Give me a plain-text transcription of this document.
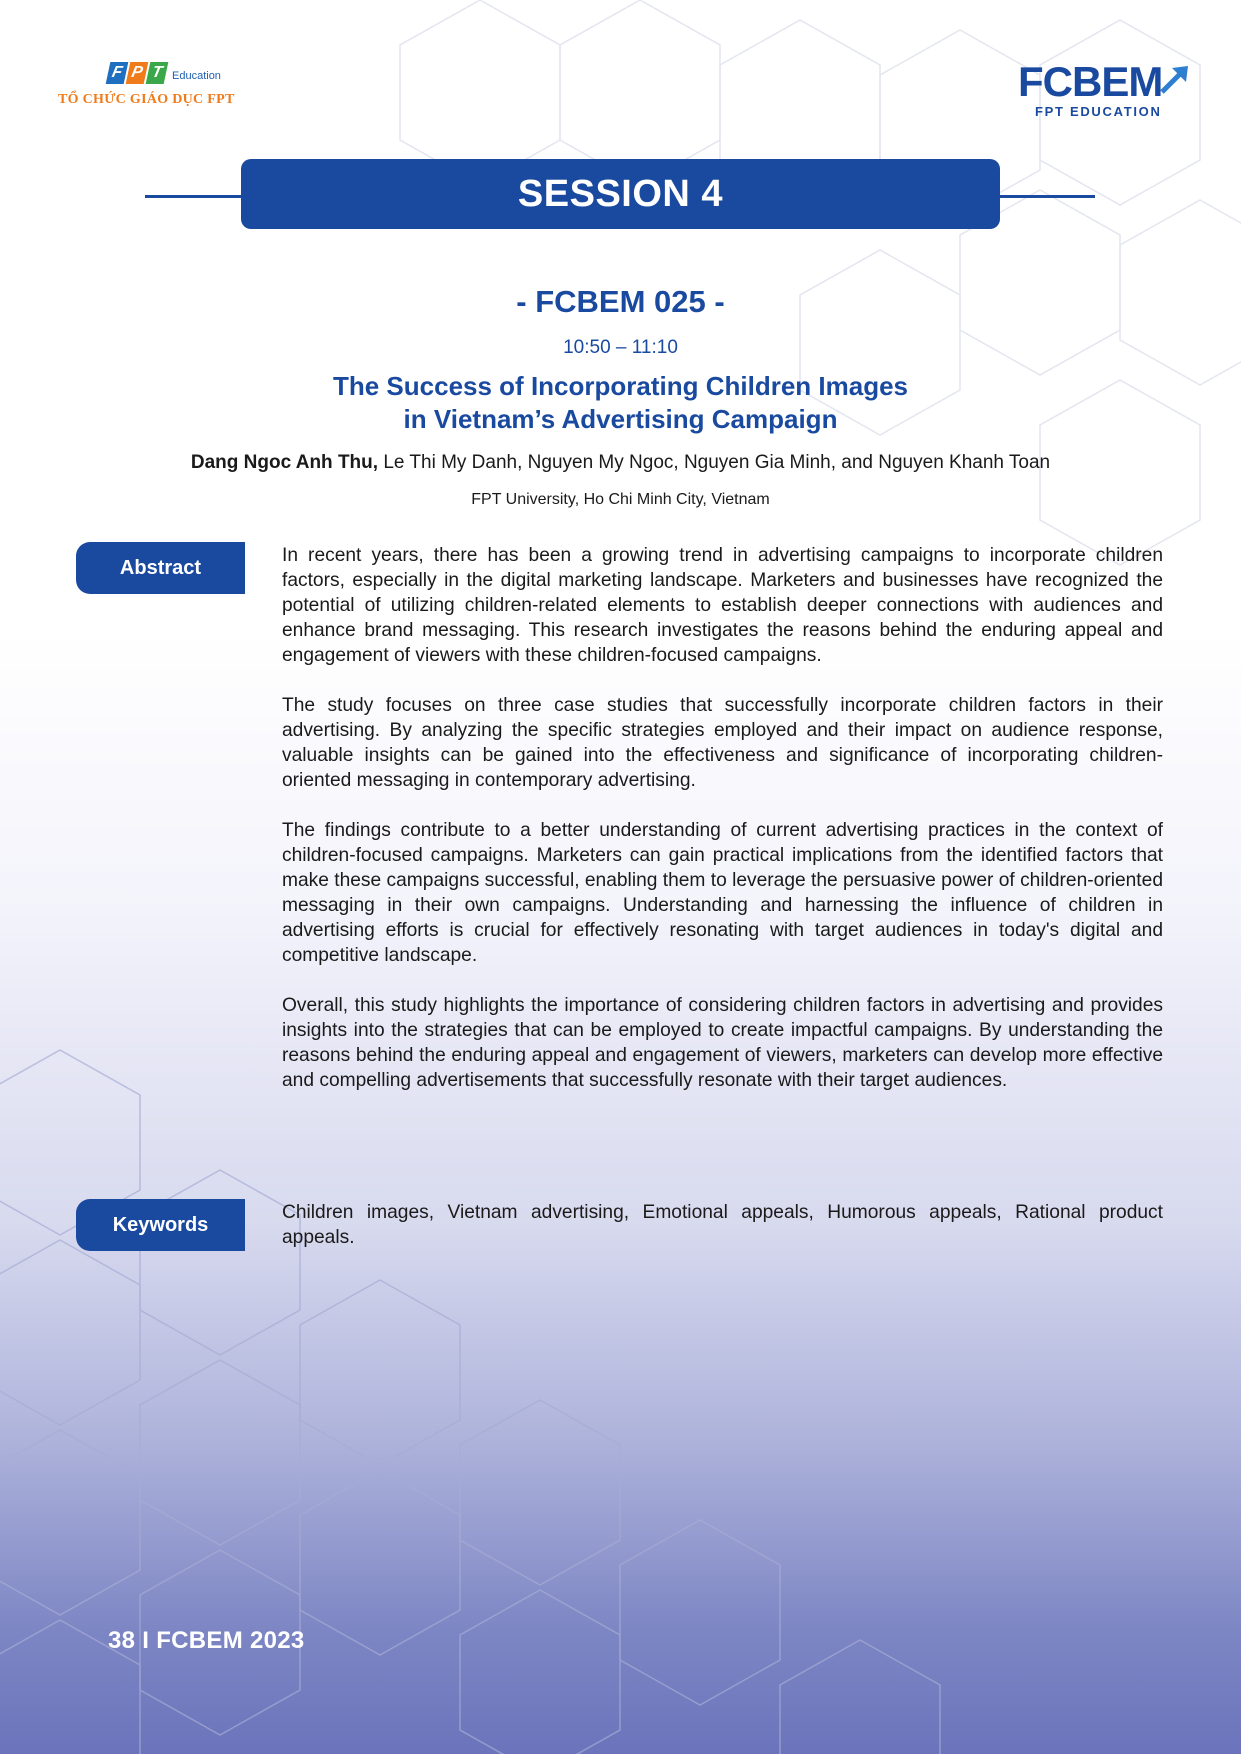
F P T Education
TỔ CHỨC GIÁO DỤC FPT	FCBEM
FPT EDUCATION
SESSION 4
- FCBEM 025 -
10:50 – 11:10
The Success of Incorporating Children Images
in Vietnam’s Advertising Campaign
Dang Ngoc Anh Thu, Le Thi My Danh, Nguyen My Ngoc, Nguyen Gia Minh, and Nguyen Khanh Toan
FPT University, Ho Chi Minh City, Vietnam
Abstract

In recent years, there has been a growing trend in advertising campaigns to incorporate children factors, especially in the digital marketing landscape. Marketers and businesses have recognized the potential of utilizing children-related elements to establish deeper connections with audiences and enhance brand messaging. This research investigates the reasons behind the enduring appeal and engagement of viewers with these children-focused campaigns.

The study focuses on three case studies that successfully incorporate children factors in their advertising. By analyzing the specific strategies employed and their impact on audience response, valuable insights can be gained into the effectiveness and significance of incorporating children-oriented messaging in contemporary advertising.

The findings contribute to a better understanding of current advertising practices in the context of children-focused campaigns. Marketers can gain practical implications from the identified factors that make these campaigns successful, enabling them to leverage the persuasive power of children-oriented messaging in their own campaigns. Understanding and harnessing the influence of children in advertising efforts is crucial for effectively resonating with target audiences in today's digital and competitive landscape.

Overall, this study highlights the importance of considering children factors in advertising and provides insights into the strategies that can be employed to create impactful campaigns. By understanding the reasons behind the enduring appeal and engagement of viewers, marketers can develop more effective and compelling advertisements that successfully resonate with their target audiences.

Keywords

Children images, Vietnam advertising, Emotional appeals, Humorous appeals, Rational product appeals.

38 I FCBEM 2023
